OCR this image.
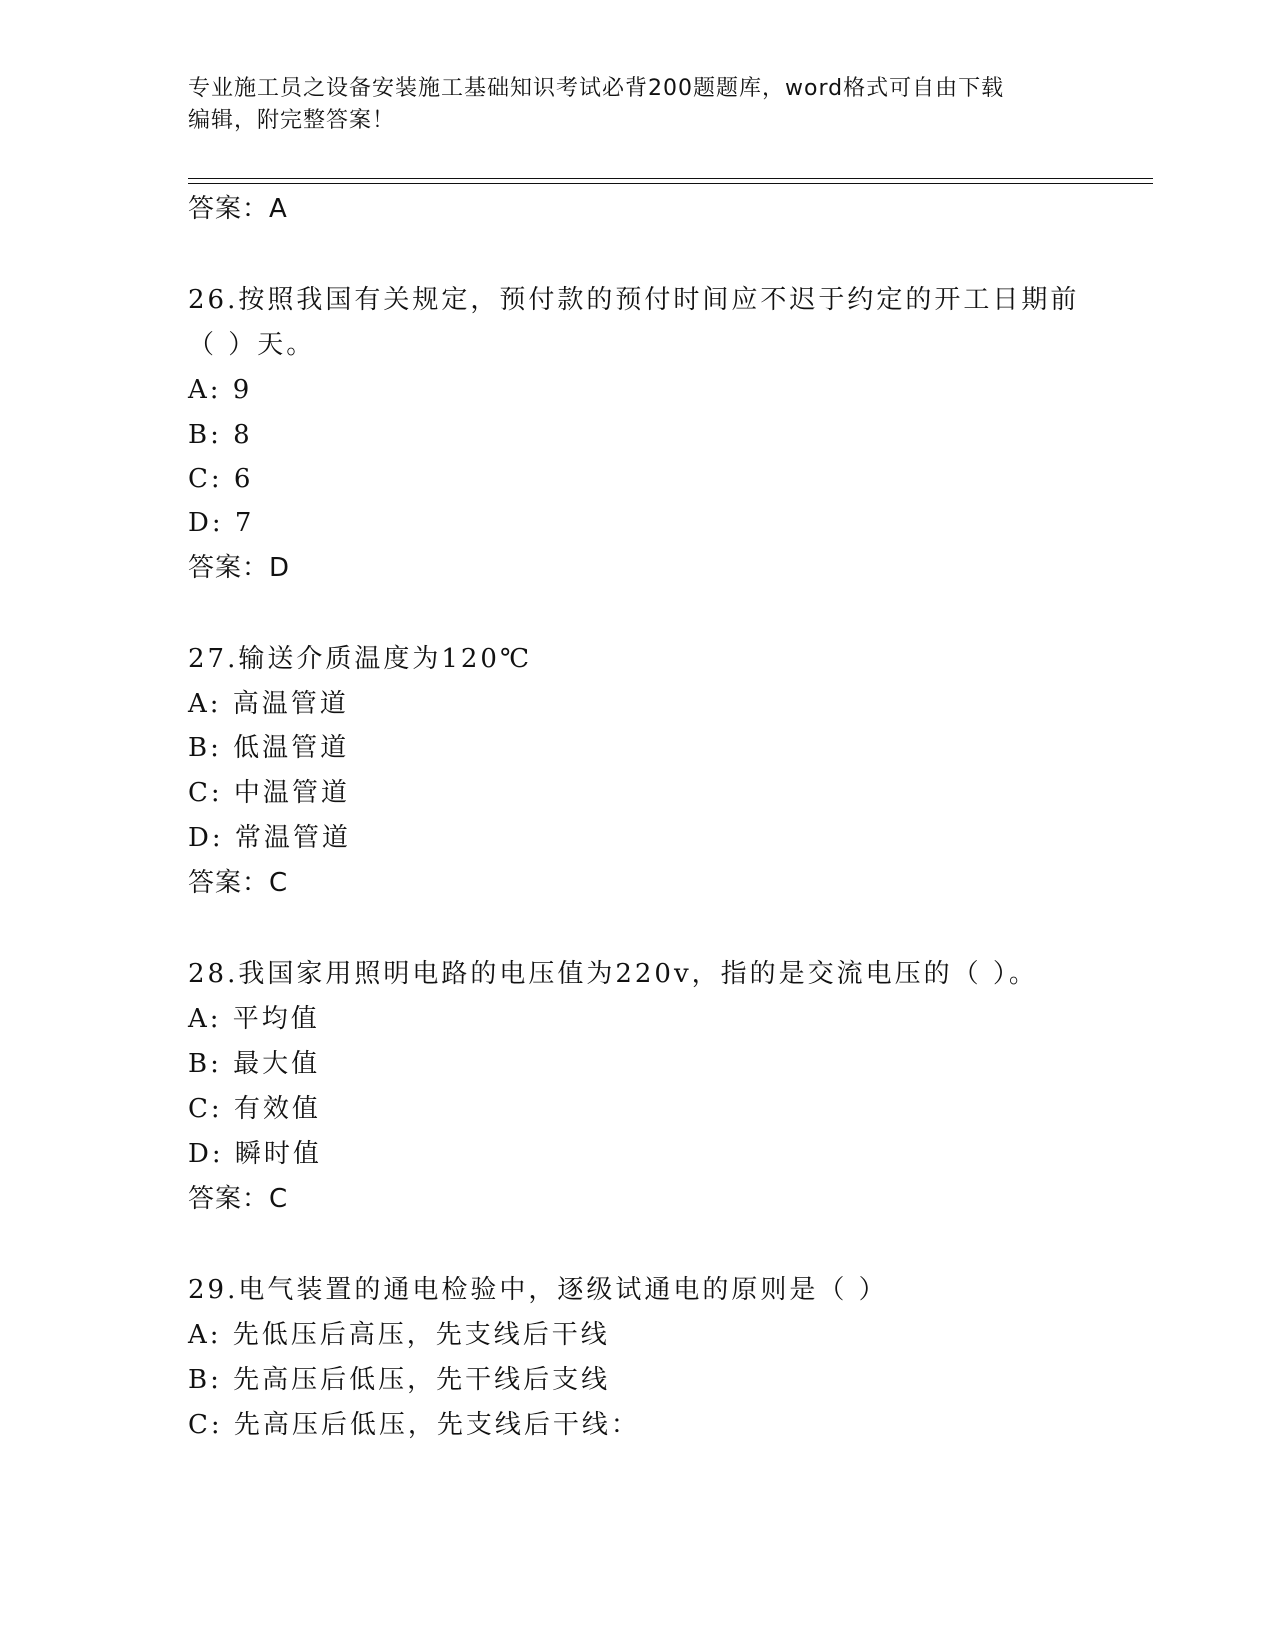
专业施工员之设备安装施工基础知识考试必背200题题库，word格式可自由下载
编辑，附完整答案！
答案：A
26.按照我国有关规定，预付款的预付时间应不迟于约定的开工日期前
（ ）天。
A: 9
B: 8
C: 6
D: 7
答案：D
27.输送介质温度为120℃
A: 高温管道
B: 低温管道
C: 中温管道
D: 常温管道
答案：C
28.我国家用照明电路的电压值为220v，指的是交流电压的（ ）。
A: 平均值
B: 最大值
C: 有效值
D: 瞬时值
答案：C
29.电气装置的通电检验中，逐级试通电的原则是（ ）
A: 先低压后高压，先支线后干线
B: 先高压后低压，先干线后支线
C: 先高压后低压，先支线后干线：
